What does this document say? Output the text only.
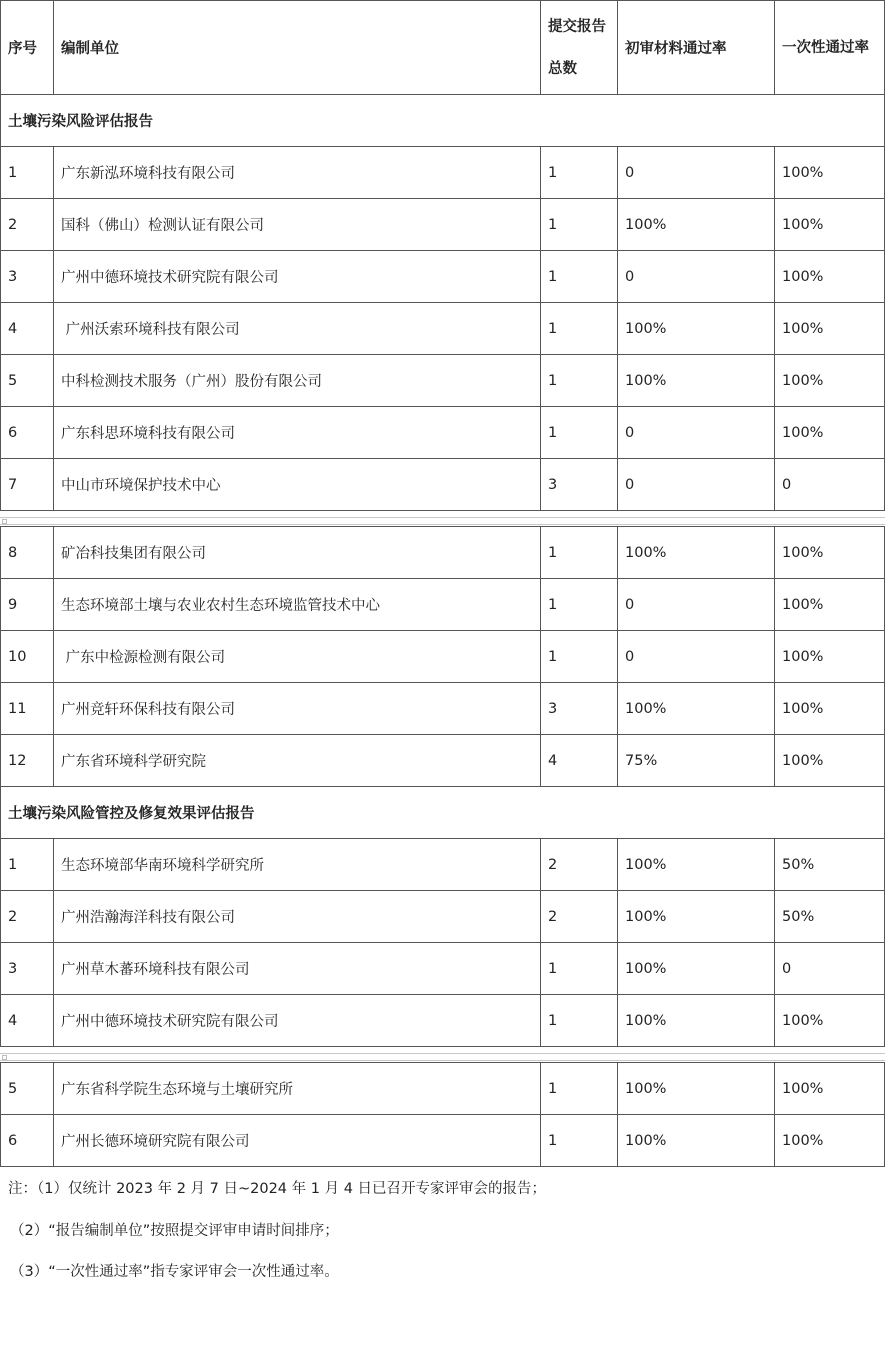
序号	编制单位	提交报告总数	初审材料通过率	一次性通过率
土壤污染风险评估报告				
1	广东新泓环境科技有限公司	1	0	100%
2	国科（佛山）检测认证有限公司	1	100%	100%
3	广州中德环境技术研究院有限公司	1	0	100%
4	广州沃索环境科技有限公司	1	100%	100%
5	中科检测技术服务（广州）股份有限公司	1	100%	100%
6	广东科思环境科技有限公司	1	0	100%
7	中山市环境保护技术中心	3	0	0
8	矿冶科技集团有限公司	1	100%	100%
9	生态环境部土壤与农业农村生态环境监管技术中心	1	0	100%
10	广东中检源检测有限公司	1	0	100%
11	广州竞轩环保科技有限公司	3	100%	100%
12	广东省环境科学研究院	4	75%	100%
土壤污染风险管控及修复效果评估报告				
1	生态环境部华南环境科学研究所	2	100%	50%
2	广州浩瀚海洋科技有限公司	2	100%	50%
3	广州草木蕃环境科技有限公司	1	100%	0
4	广州中德环境技术研究院有限公司	1	100%	100%
5	广东省科学院生态环境与土壤研究所	1	100%	100%
6	广州长德环境研究院有限公司	1	100%	100%
注：（1）仅统计 2023 年 2 月 7 日~2024 年 1 月 4 日已召开专家评审会的报告；
（2）“报告编制单位”按照提交评审申请时间排序；
（3）“一次性通过率”指专家评审会一次性通过率。
